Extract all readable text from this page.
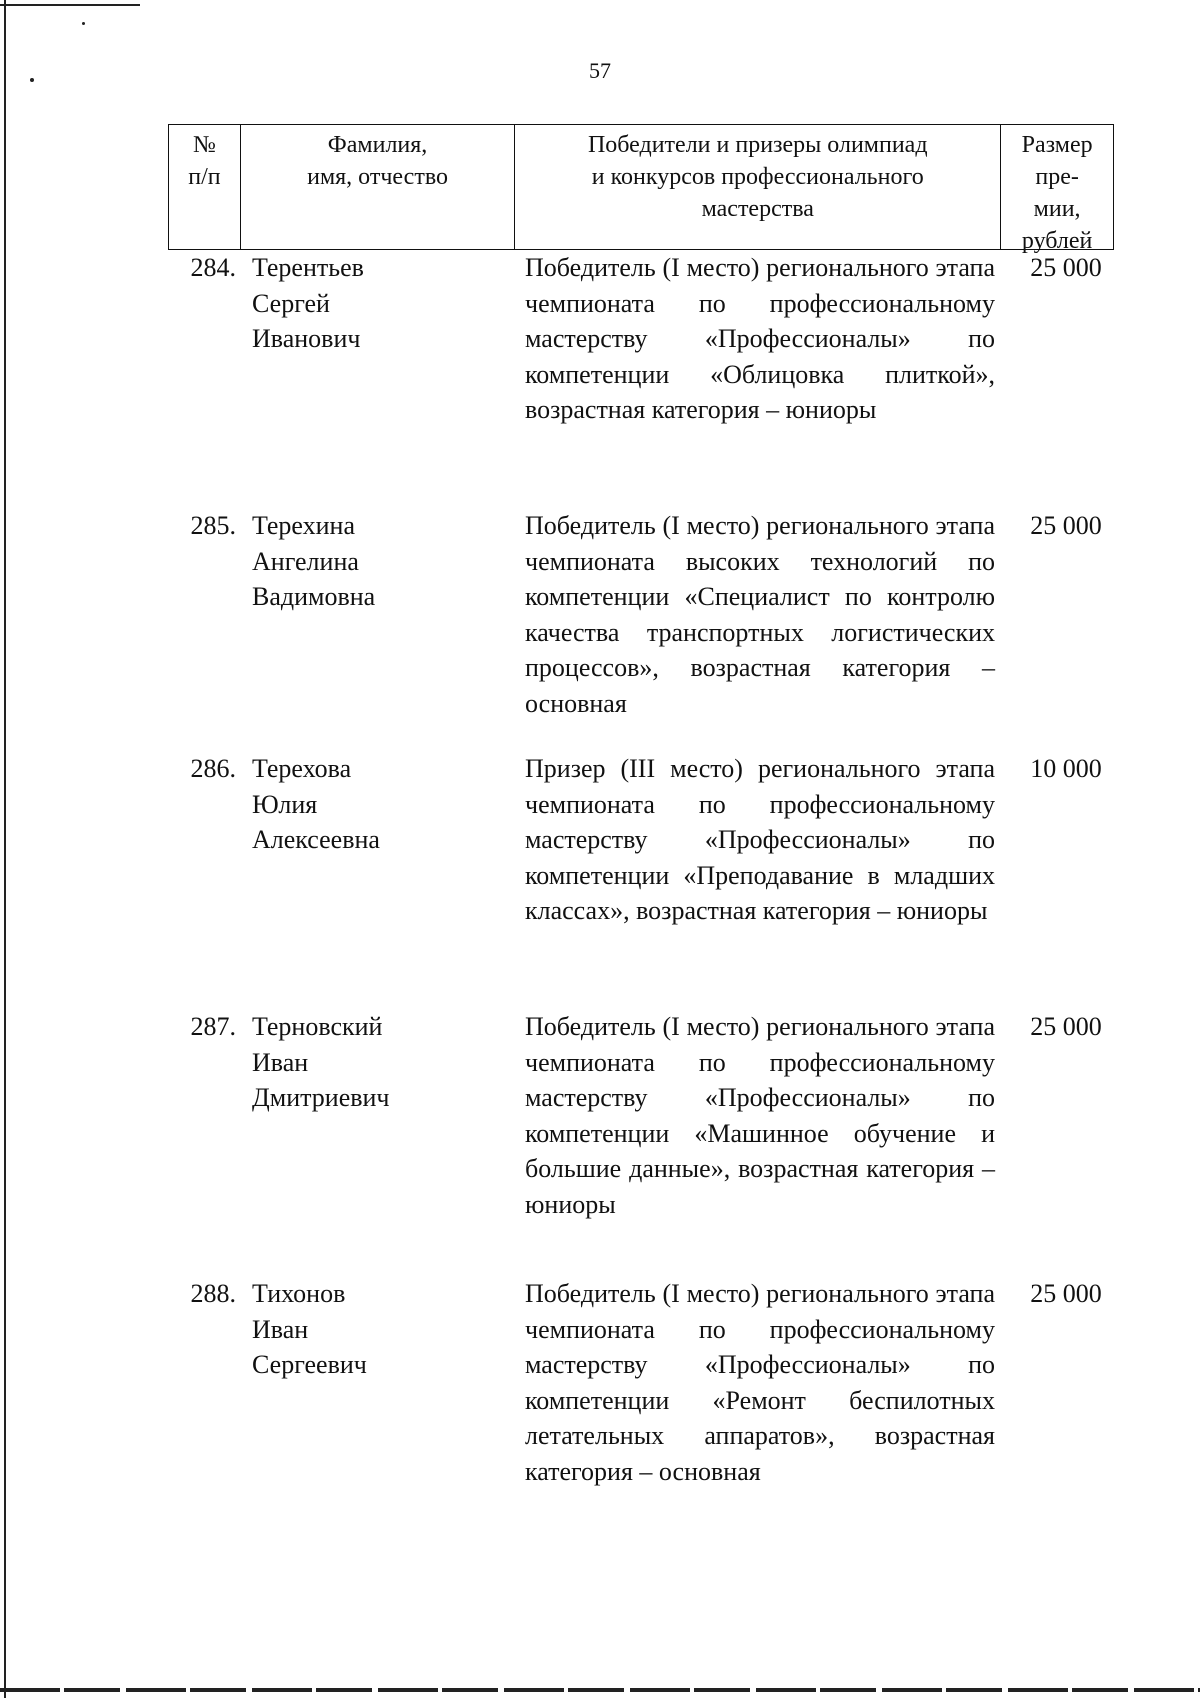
57
№
п/п
Фамилия,
имя, отчество
Победители и призеры олимпиад
и конкурсов профессионального
мастерства
Размер
пре-
мии,
рублей
284. Терентьев
Сергей
Иванович
Победитель (I место) регионального этапа чемпионата по профессиональному мастерству «Профессионалы» по компетенции «Облицовка плиткой», возрастная категория – юниоры
25 000
285. Терехина
Ангелина
Вадимовна
Победитель (I место) регионального этапа чемпионата высоких технологий по компетенции «Специалист по контролю качества транспортных логистических процессов», возрастная категория – основная
25 000
286. Терехова
Юлия
Алексеевна
Призер (III место) регионального этапа чемпионата по профессиональному мастерству «Профессионалы» по компетенции «Преподавание в младших классах», возрастная категория – юниоры
10 000
287. Терновский
Иван
Дмитриевич
Победитель (I место) регионального этапа чемпионата по профессиональному мастерству «Профессионалы» по компетенции «Машинное обучение и большие данные», возрастная категория – юниоры
25 000
288. Тихонов
Иван
Сергеевич
Победитель (I место) регионального этапа чемпионата по профессиональному мастерству «Профессионалы» по компетенции «Ремонт беспилотных летательных аппаратов», возрастная категория – основная
25 000
